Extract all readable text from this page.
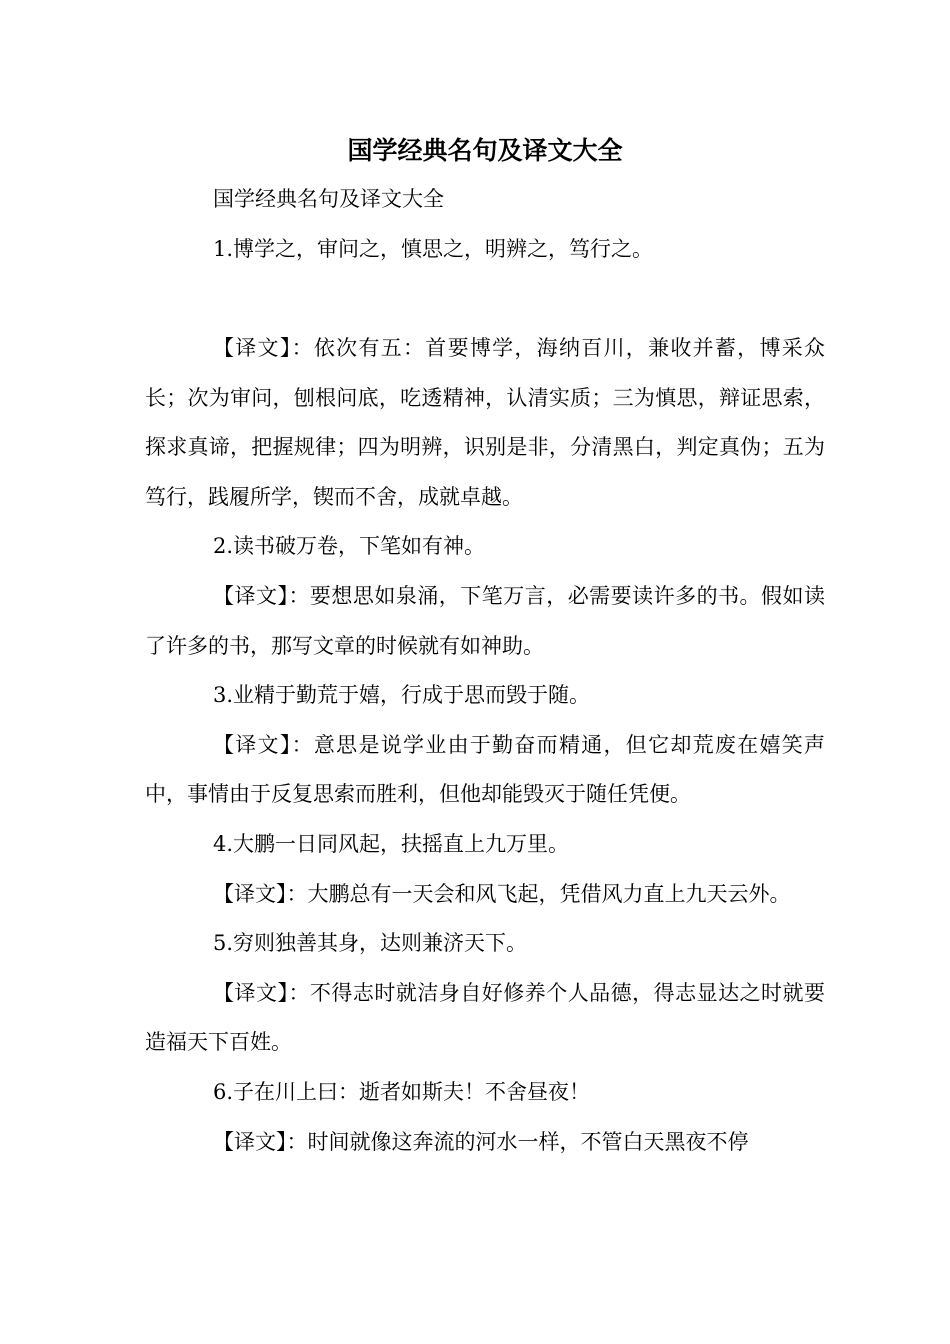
国学经典名句及译文大全

国学经典名句及译文大全

1.博学之，审问之，慎思之，明辨之，笃行之。

【译文】：依次有五：首要博学，海纳百川，兼收并蓄，博采众长；次为审问，刨根问底，吃透精神，认清实质；三为慎思，辩证思索，探求真谛，把握规律；四为明辨，识别是非，分清黑白，判定真伪；五为笃行，践履所学，锲而不舍，成就卓越。

2.读书破万卷，下笔如有神。

【译文】：要想思如泉涌，下笔万言，必需要读许多的书。假如读了许多的书，那写文章的时候就有如神助。

3.业精于勤荒于嬉，行成于思而毁于随。

【译文】：意思是说学业由于勤奋而精通，但它却荒废在嬉笑声中，事情由于反复思索而胜利，但他却能毁灭于随任凭便。

4.大鹏一日同风起，扶摇直上九万里。

【译文】：大鹏总有一天会和风飞起，凭借风力直上九天云外。

5.穷则独善其身，达则兼济天下。

【译文】：不得志时就洁身自好修养个人品德，得志显达之时就要造福天下百姓。

6.子在川上曰：逝者如斯夫！不舍昼夜！

【译文】：时间就像这奔流的河水一样，不管白天黑夜不停
